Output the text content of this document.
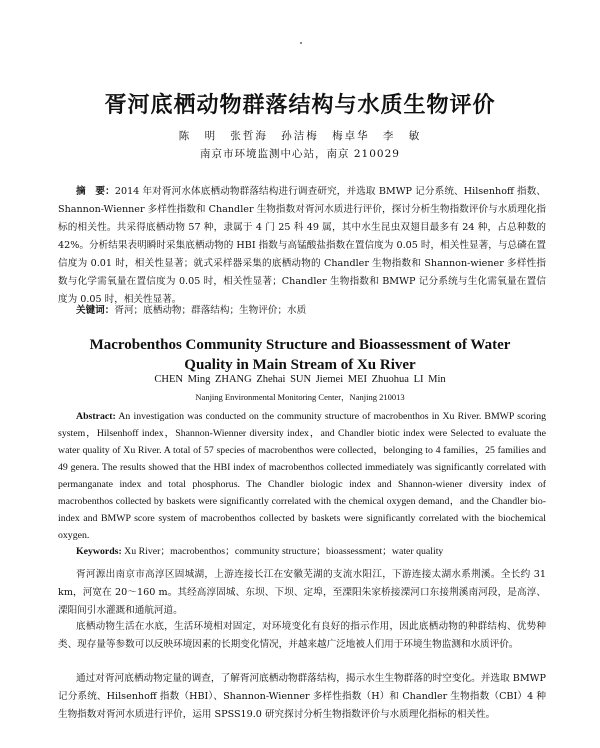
胥河底栖动物群落结构与水质生物评价
陈 明 张哲海 孙洁梅 梅卓华 李 敏
南京市环境监测中心站，南京 210029
摘　要：2014 年对胥河水体底栖动物群落结构进行调查研究，并选取 BMWP 记分系统、Hilsenhoff 指数、Shannon-Wienner 多样性指数和 Chandler 生物指数对胥河水质进行评价，探讨分析生物指数评价与水质理化指标的相关性。共采得底栖动物 57 种，隶属于 4 门 25 科 49 属，其中水生昆虫双翅目最多有 24 种，占总种数的 42%。分析结果表明瞬时采集底栖动物的 HBI 指数与高锰酸盐指数在置信度为 0.05 时，相关性显著，与总磷在置信度为 0.01 时，相关性显著；就式采样器采集的底栖动物的 Chandler 生物指数和 Shannon-wiener 多样性指数与化学需氧量在置信度为 0.05 时，相关性显著；Chandler 生物指数和 BMWP 记分系统与生化需氧量在置信度为 0.05 时，相关性显著。
关键词：胥河；底栖动物；群落结构；生物评价；水质
Macrobenthos Community Structure and Bioassessment of Water
Quality in Main Stream of Xu River
CHEN Ming ZHANG Zhehai SUN Jiemei MEI Zhuohua LI Min
Nanjing Environmental Monitoring Center，Nanjing 210013
Abstract: An investigation was conducted on the community structure of macrobenthos in Xu River. BMWP scoring system，Hilsenhoff index，Shannon-Wienner diversity index，and Chandler biotic index were Selected to evaluate the water quality of Xu River. A total of 57 species of macrobenthos were collected，belonging to 4 families，25 families and 49 genera. The results showed that the HBI index of macrobenthos collected immediately was significantly correlated with permanganate index and total phosphorus. The Chandler biologic index and Shannon-wiener diversity index of macrobenthos collected by baskets were significantly correlated with the chemical oxygen demand，and the Chandler bio-index and BMWP score system of macrobenthos collected by baskets were significantly correlated with the biochemical oxygen.
Keywords: Xu River；macrobenthos；community structure；bioassessment；water quality
胥河源出南京市高淳区固城湖，上游连接长江在安徽芜湖的支流水阳江，下游连接太湖水系荆溪。全长约 31 km，河宽在 20～160 m。其经高淳固城、东坝、下坝、定埠，至溧阳朱家桥接溧河口东接荆溪南河段，是高淳、溧阳间引水灌溉和通航河道。
底栖动物生活在水底，生活环境相对固定，对环境变化有良好的指示作用，因此底栖动物的种群结构、优势种类、现存量等参数可以反映环境因素的长期变化情况，并越来越广泛地被人们用于环境生物监测和水质评价。
通过对胥河底栖动物定量的调查，了解胥河底栖动物群落结构，揭示水生生物群落的时空变化。并选取 BMWP 记分系统、Hilsenhoff 指数（HBI）、Shannon-Wienner 多样性指数（H）和 Chandler 生物指数（CBI）4 种生物指数对胥河水质进行评价，运用 SPSS19.0 研究探讨分析生物指数评价与水质理化指标的相关性。
